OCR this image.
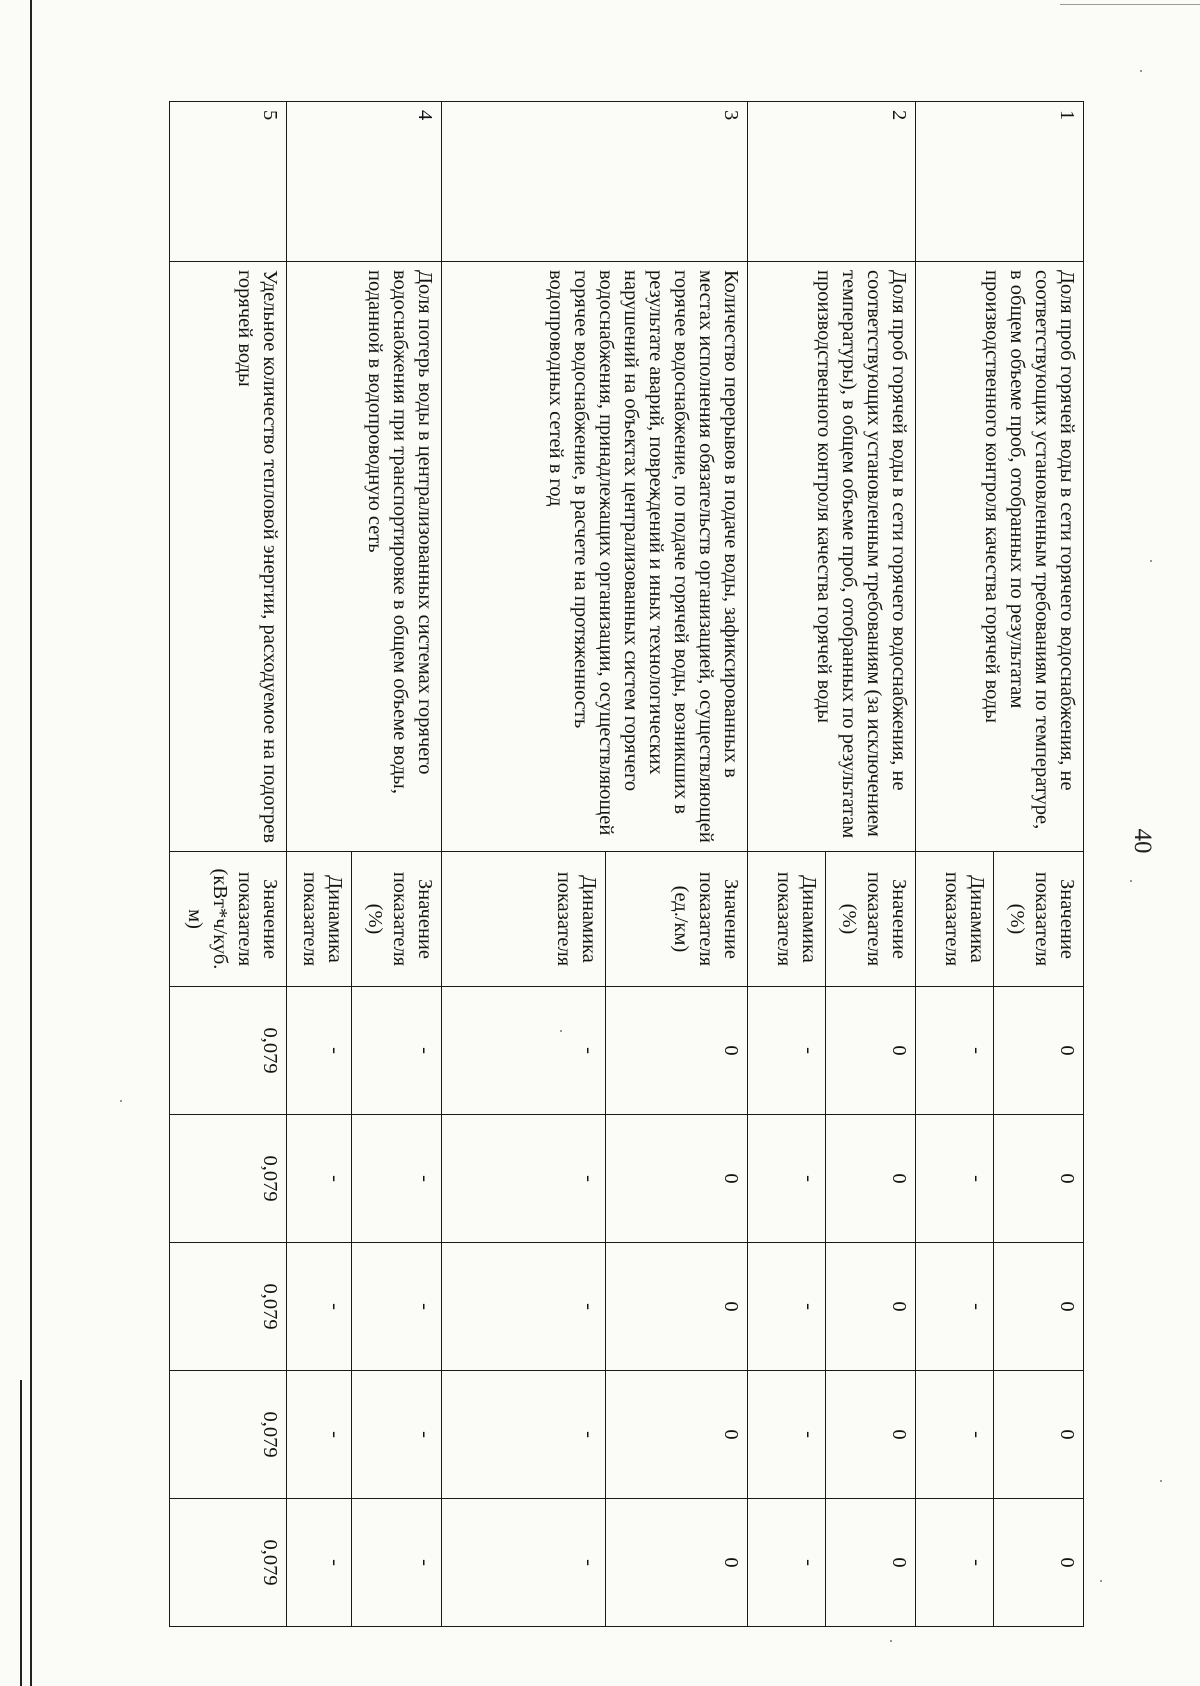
40
1	Доля проб горячей воды в сети горячего водоснабжения, не соответствующих установленным требованиям по температуре, в общем объеме проб, отобранных по результатам производственного контроля качества горячей воды	Значение показателя (%)	0	0	0	0	0
		Динамика показателя	-	-	-	-	-
2	Доля проб горячей воды в сети горячего водоснабжения, не соответствующих установленным требованиям (за исключением температуры), в общем объеме проб, отобранных по результатам производственного контроля качества горячей воды	Значение показателя (%)	0	0	0	0	0
		Динамика показателя	-	-	-	-	-
3	Количество перерывов в подаче воды, зафиксированных в местах исполнения обязательств организацией, осуществляющей горячее водоснабжение, по подаче горячей воды, возникших в результате аварий, повреждений и иных технологических нарушений на объектах централизованных систем горячего водоснабжения, принадлежащих организации, осуществляющей горячее водоснабжение, в расчете на протяженность водопроводных сетей в год	Значение показателя (ед./км)	0	0	0	0	0
		Динамика показателя	-	-	-	-	-
4	Доля потерь воды в централизованных системах горячего водоснабжения при транспортировке в общем объеме воды, поданной в водопроводную сеть	Значение показателя (%)	-	-	-	-	-
		Динамика показателя	-	-	-	-	-
5	Удельное количество тепловой энергии, расходуемое на подогрев горячей воды	Значение показателя (кВт*ч/куб. м)	0,079	0,079	0,079	0,079	0,079
